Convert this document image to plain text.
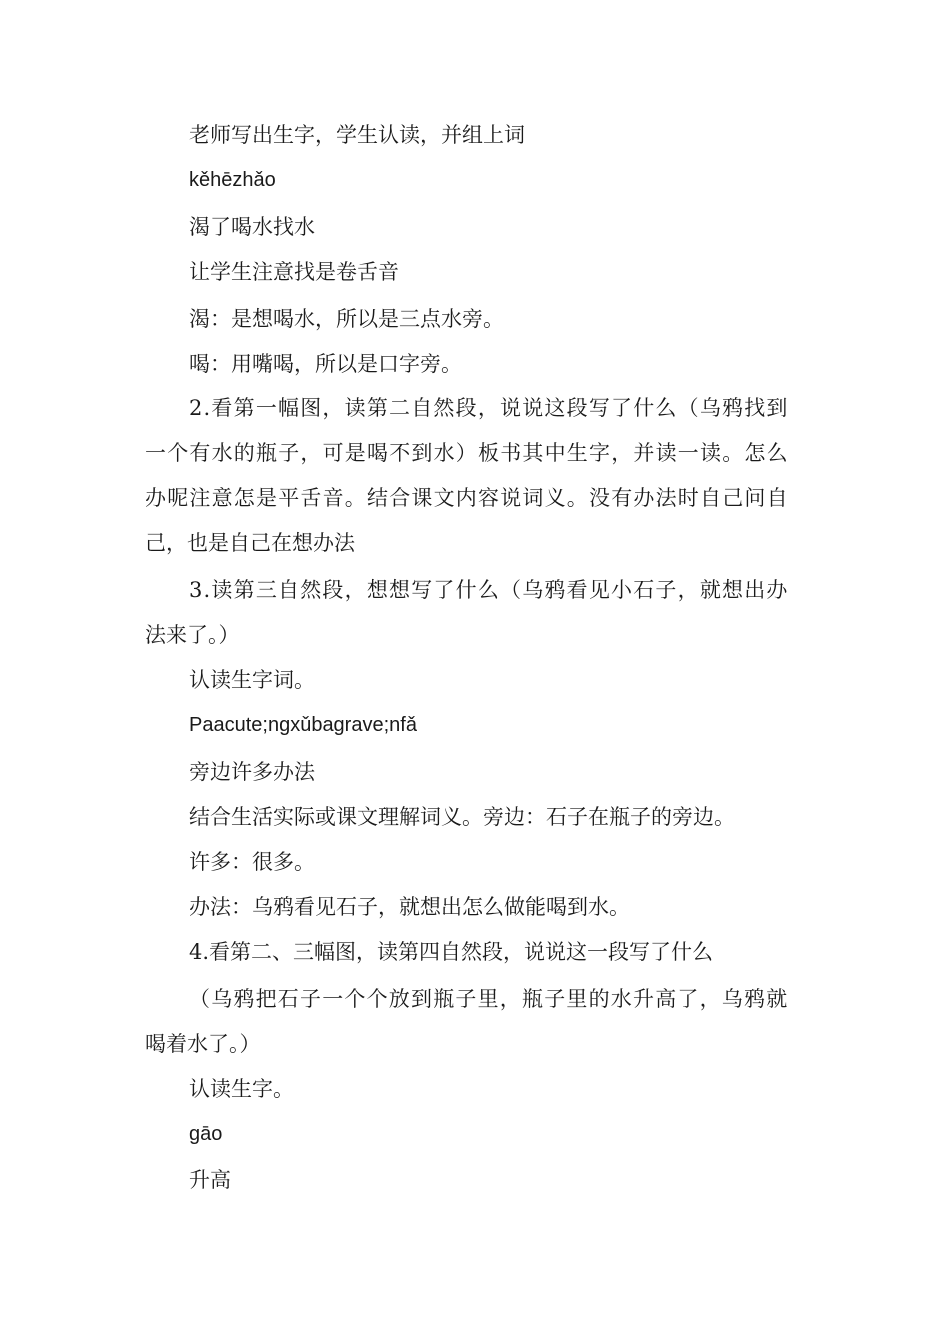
老师写出生字，学生认读，并组上词

kěhēzhǎo

渴了喝水找水

让学生注意找是卷舌音

渴：是想喝水，所以是三点水旁。

喝：用嘴喝，所以是口字旁。

2.看第一幅图，读第二自然段，说说这段写了什么（乌鸦找到

一个有水的瓶子，可是喝不到水）板书其中生字，并读一读。怎么

办呢注意怎是平舌音。结合课文内容说词义。没有办法时自己问自

己，也是自己在想办法

3.读第三自然段，想想写了什么（乌鸦看见小石子，就想出办

法来了。）

认读生字词。

Paacute;ngxǔbagrave;nfǎ

旁边许多办法

结合生活实际或课文理解词义。旁边：石子在瓶子的旁边。

许多：很多。

办法：乌鸦看见石子，就想出怎么做能喝到水。

4.看第二、三幅图，读第四自然段，说说这一段写了什么

（乌鸦把石子一个个放到瓶子里，瓶子里的水升高了，乌鸦就

喝着水了。）

认读生字。

gāo

升高
